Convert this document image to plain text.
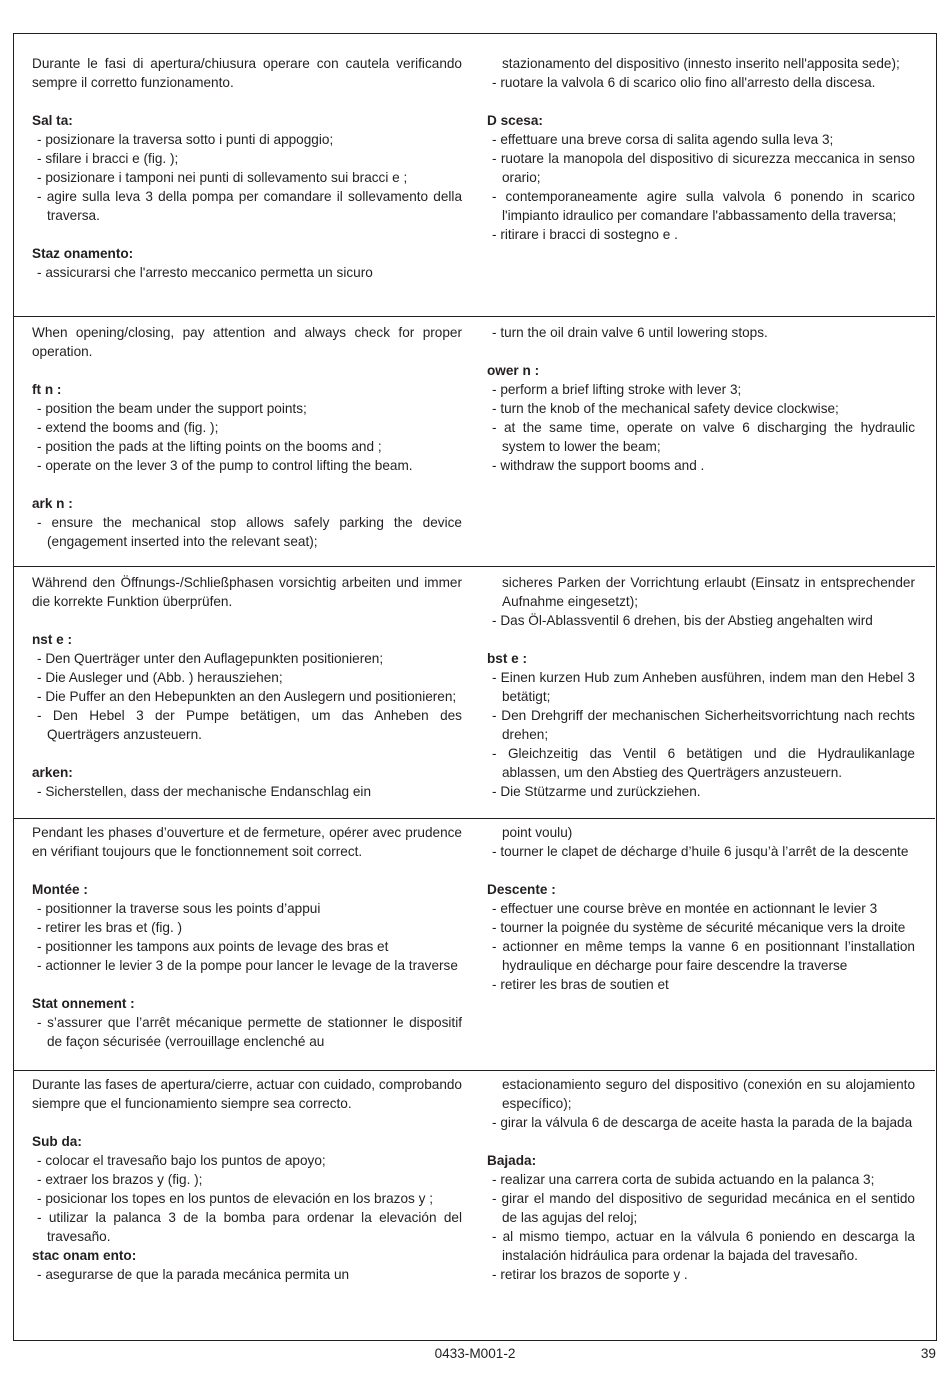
Durante le fasi di apertura/chiusura operare con cautela verificando sempre il corretto funzionamento.
Sal ta:
- posizionare la traversa sotto i punti di appoggio;
- sfilare i bracci e (fig. );
- posizionare i tamponi nei punti di sollevamento sui bracci e ;
- agire sulla leva 3 della pompa per comandare il sollevamento della traversa.
Staz onamento:
- assicurarsi che l'arresto meccanico permetta un sicuro
stazionamento del dispositivo (innesto inserito nell'apposita sede);
- ruotare la valvola 6 di scarico olio fino all'arresto della discesa.
D scesa:
- effettuare una breve corsa di salita agendo sulla leva 3;
- ruotare la manopola del dispositivo di sicurezza meccanica in senso orario;
- contemporaneamente agire sulla valvola 6 ponendo in scarico l'impianto idraulico per comandare l'abbassamento della traversa;
- ritirare i bracci di sostegno e .
When opening/closing, pay attention and always check for proper operation.
ft n :
- position the beam under the support points;
- extend the booms and (fig. );
- position the pads at the lifting points on the booms and ;
- operate on the lever 3 of the pump to control lifting the beam.
ark n :
- ensure the mechanical stop allows safely parking the device (engagement inserted into the relevant seat);
- turn the oil drain valve 6 until lowering stops.
ower n :
- perform a brief lifting stroke with lever 3;
- turn the knob of the mechanical safety device clockwise;
- at the same time, operate on valve 6 discharging the hydraulic system to lower the beam;
- withdraw the support booms and .
Während den Öffnungs-/Schließphasen vorsichtig arbeiten und immer die korrekte Funktion überprüfen.
nst e :
- Den Querträger unter den Auflagepunkten positionieren;
- Die Ausleger und (Abb. ) herausziehen;
- Die Puffer an den Hebepunkten an den Auslegern und positionieren;
- Den Hebel 3 der Pumpe betätigen, um das Anheben des Querträgers anzusteuern.
arken:
- Sicherstellen, dass der mechanische Endanschlag ein
sicheres Parken der Vorrichtung erlaubt (Einsatz in entsprechender Aufnahme eingesetzt);
- Das Öl-Ablassventil 6 drehen, bis der Abstieg angehalten wird
bst e :
- Einen kurzen Hub zum Anheben ausführen, indem man den Hebel 3 betätigt;
- Den Drehgriff der mechanischen Sicherheitsvorrichtung nach rechts drehen;
- Gleichzeitig das Ventil 6 betätigen und die Hydraulikanlage ablassen, um den Abstieg des Querträgers anzusteuern.
- Die Stützarme und zurückziehen.
Pendant les phases d’ouverture et de fermeture, opérer avec prudence en vérifiant toujours que le fonctionnement soit correct.
Montée :
- positionner la traverse sous les points d’appui
- retirer les bras et (fig. )
- positionner les tampons aux points de levage des bras et
- actionner le levier 3 de la pompe pour lancer le levage de la traverse
Stat onnement :
- s’assurer que l’arrêt mécanique permette de stationner le dispositif de façon sécurisée (verrouillage enclenché au
point voulu)
- tourner le clapet de décharge d’huile 6 jusqu’à l’arrêt de la descente
Descente :
- effectuer une course brève en montée en actionnant le levier 3
- tourner la poignée du système de sécurité mécanique vers la droite
- actionner en même temps la vanne 6 en positionnant l’installation hydraulique en décharge pour faire descendre la traverse
- retirer les bras de soutien et
Durante las fases de apertura/cierre, actuar con cuidado, comprobando siempre que el funcionamiento siempre sea correcto.
Sub da:
- colocar el travesaño bajo los puntos de apoyo;
- extraer los brazos y (fig. );
- posicionar los topes en los puntos de elevación en los brazos y ;
- utilizar la palanca 3 de la bomba para ordenar la elevación del travesaño.
stac onam ento:
- asegurarse de que la parada mecánica permita un
estacionamiento seguro del dispositivo (conexión en su alojamiento específico);
- girar la válvula 6 de descarga de aceite hasta la parada de la bajada
Bajada:
- realizar una carrera corta de subida actuando en la palanca 3;
- girar el mando del dispositivo de seguridad mecánica en el sentido de las agujas del reloj;
- al mismo tiempo, actuar en la válvula 6 poniendo en descarga la instalación hidráulica para ordenar la bajada del travesaño.
- retirar los brazos de soporte y .
0433-M001-2	39
